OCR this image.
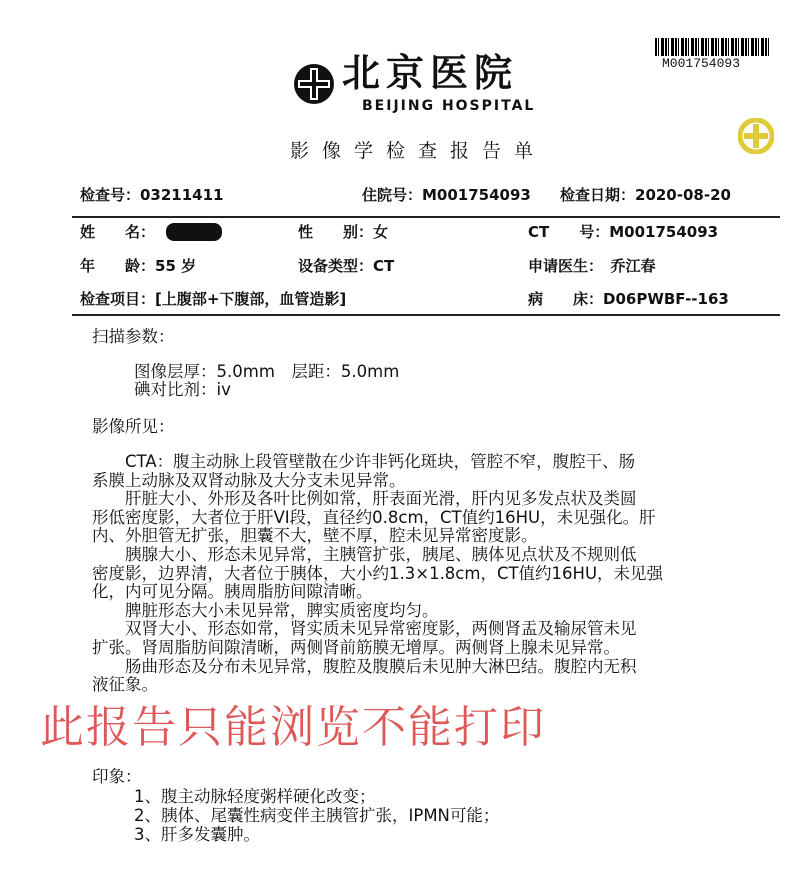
M001754093
北京医院
BEIJING HOSPITAL
影像学检查报告单
检查号：03211411	住院号：M001754093 检查日期：2020-08-20
姓　　名：	性　　别：女	CT　　号：M001754093
年　　龄：55 岁	设备类型：CT	申请医生：　乔江春
检查项目：[上腹部+下腹部，血管造影]	病　　床：D06PWBF--163
扫描参数：
图像层厚：5.0mm　层距：5.0mm
碘对比剂：iv
影像所见：
　　CTA：腹主动脉上段管壁散在少许非钙化斑块，管腔不窄，腹腔干、肠
系膜上动脉及双肾动脉及大分支未见异常。
　　肝脏大小、外形及各叶比例如常，肝表面光滑，肝内见多发点状及类圆
形低密度影，大者位于肝VI段，直径约0.8cm，CT值约16HU，未见强化。肝
内、外胆管无扩张，胆囊不大，壁不厚，腔未见异常密度影。
　　胰腺大小、形态未见异常，主胰管扩张，胰尾、胰体见点状及不规则低
密度影，边界清，大者位于胰体，大小约1.3×1.8cm，CT值约16HU，未见强
化，内可见分隔。胰周脂肪间隙清晰。
　　脾脏形态大小未见异常，脾实质密度均匀。
　　双肾大小、形态如常，肾实质未见异常密度影，两侧肾盂及输尿管未见
扩张。肾周脂肪间隙清晰，两侧肾前筋膜无增厚。两侧肾上腺未见异常。
　　肠曲形态及分布未见异常，腹腔及腹膜后未见肿大淋巴结。腹腔内无积
液征象。
此报告只能浏览不能打印
印象：
1、腹主动脉轻度粥样硬化改变；
2、胰体、尾囊性病变伴主胰管扩张，IPMN可能；
3、肝多发囊肿。
